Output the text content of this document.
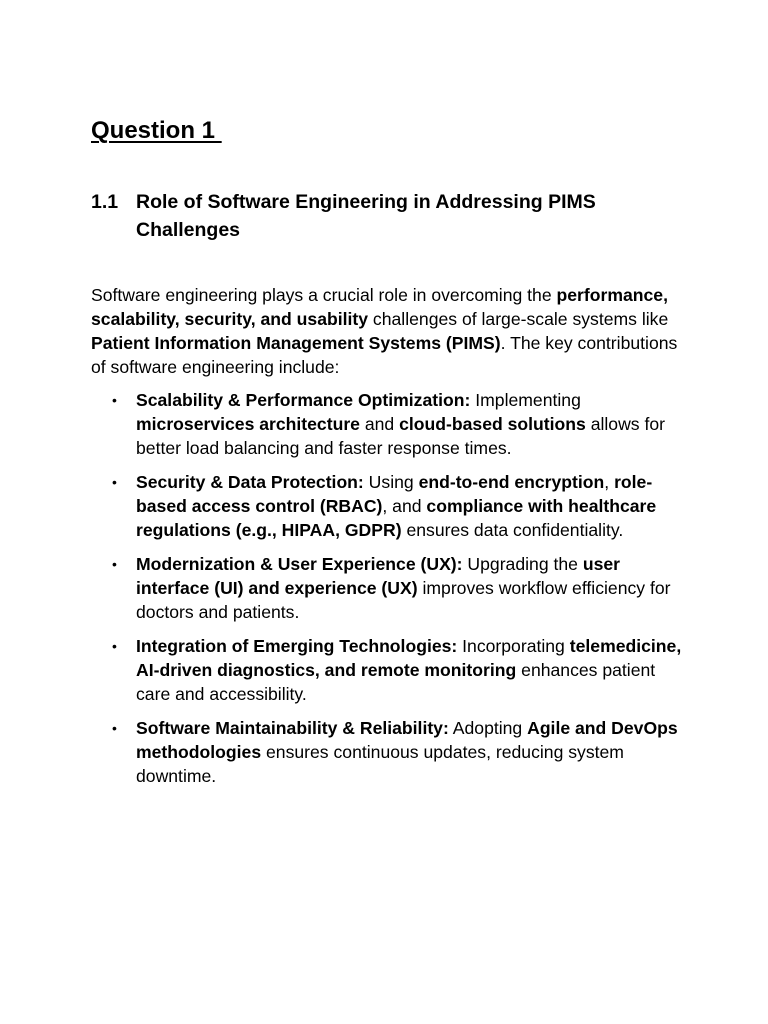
Question 1
1.1 Role of Software Engineering in Addressing PIMS Challenges

Software engineering plays a crucial role in overcoming the performance, scalability, security, and usability challenges of large-scale systems like Patient Information Management Systems (PIMS). The key contributions of software engineering include:

• Scalability & Performance Optimization: Implementing microservices architecture and cloud-based solutions allows for better load balancing and faster response times.
• Security & Data Protection: Using end-to-end encryption, role-based access control (RBAC), and compliance with healthcare regulations (e.g., HIPAA, GDPR) ensures data confidentiality.
• Modernization & User Experience (UX): Upgrading the user interface (UI) and experience (UX) improves workflow efficiency for doctors and patients.
• Integration of Emerging Technologies: Incorporating telemedicine, AI-driven diagnostics, and remote monitoring enhances patient care and accessibility.
• Software Maintainability & Reliability: Adopting Agile and DevOps methodologies ensures continuous updates, reducing system downtime.
